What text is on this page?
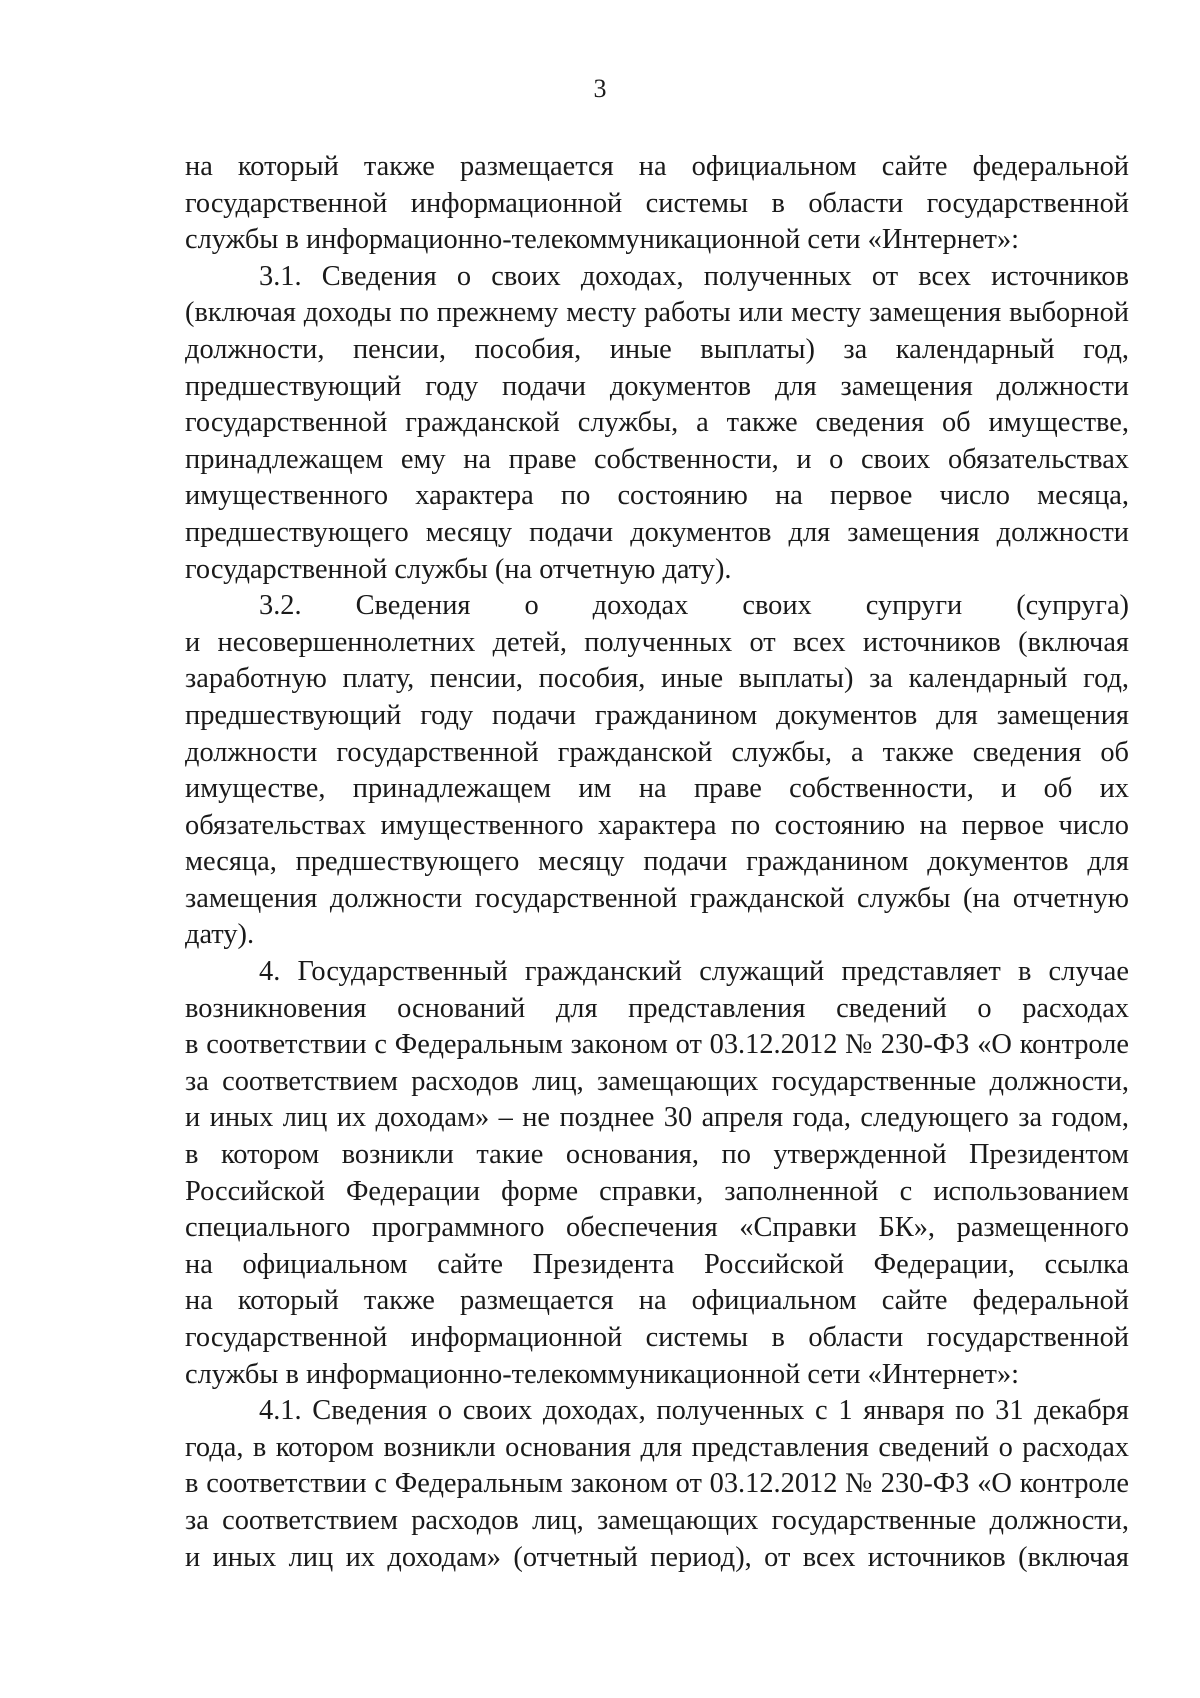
3
на который также размещается на официальном сайте федеральной
государственной информационной системы в области государственной
службы в информационно-телекоммуникационной сети «Интернет»:
3.1. Сведения о своих доходах, полученных от всех источников
(включая доходы по прежнему месту работы или месту замещения выборной
должности, пенсии, пособия, иные выплаты) за календарный год,
предшествующий году подачи документов для замещения должности
государственной гражданской службы, а также сведения об имуществе,
принадлежащем ему на праве собственности, и о своих обязательствах
имущественного характера по состоянию на первое число месяца,
предшествующего месяцу подачи документов для замещения должности
государственной службы (на отчетную дату).
3.2. Сведения о доходах своих супруги (супруга)
и несовершеннолетних детей, полученных от всех источников (включая
заработную плату, пенсии, пособия, иные выплаты) за календарный год,
предшествующий году подачи гражданином документов для замещения
должности государственной гражданской службы, а также сведения об
имуществе, принадлежащем им на праве собственности, и об их
обязательствах имущественного характера по состоянию на первое число
месяца, предшествующего месяцу подачи гражданином документов для
замещения должности государственной гражданской службы (на отчетную
дату).
4. Государственный гражданский служащий представляет в случае
возникновения оснований для представления сведений о расходах
в соответствии с Федеральным законом от 03.12.2012 № 230-ФЗ «О контроле
за соответствием расходов лиц, замещающих государственные должности,
и иных лиц их доходам» – не позднее 30 апреля года, следующего за годом,
в котором возникли такие основания, по утвержденной Президентом
Российской Федерации форме справки, заполненной с использованием
специального программного обеспечения «Справки БК», размещенного
на официальном сайте Президента Российской Федерации, ссылка
на который также размещается на официальном сайте федеральной
государственной информационной системы в области государственной
службы в информационно-телекоммуникационной сети «Интернет»:
4.1. Сведения о своих доходах, полученных с 1 января по 31 декабря
года, в котором возникли основания для представления сведений о расходах
в соответствии с Федеральным законом от 03.12.2012 № 230-ФЗ «О контроле
за соответствием расходов лиц, замещающих государственные должности,
и иных лиц их доходам» (отчетный период), от всех источников (включая
